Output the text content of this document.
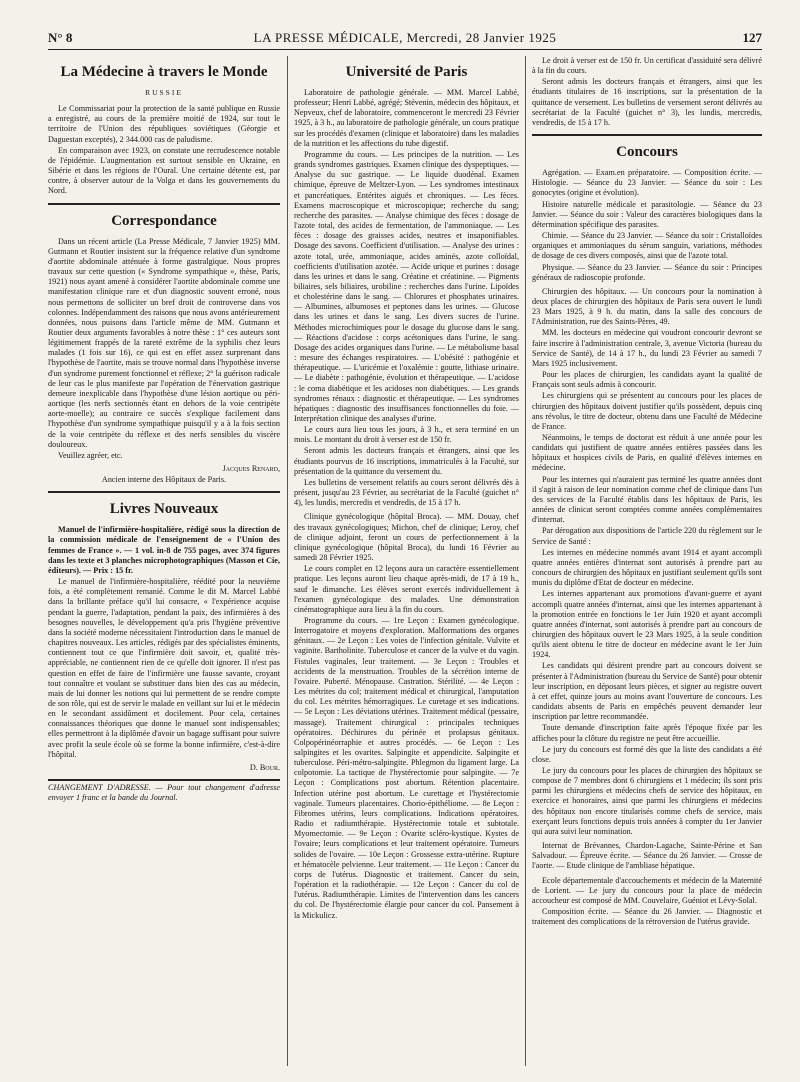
N° 8	LA PRESSE MÉDICALE, Mercredi, 28 Janvier 1925	127
La Médecine à travers le Monde
RUSSIE

Le Commissariat pour la protection de la santé publique en Russie a enregistré, au cours de la première moitié de 1924, sur tout le territoire de l'Union des républiques soviétiques (Géorgie et Daguestan exceptés), 2 344.000 cas de paludisme.

En comparaison avec 1923, on constate une recrudescence notable de l'épidémie. L'augmentation est surtout sensible en Ukraine, en Sibérie et dans les régions de l'Oural. Une certaine détente est, par contre, à observer autour de la Volga et dans les gouvernements du Nord.

Correspondance

Dans un récent article (La Presse Médicale, 7 Janvier 1925) MM. Gutmann et Routier insistent sur la fréquence relative d'un syndrome d'aortite abdominale atténuée à forme gastralgique. Nous propres travaux sur cette question (« Syndrome sympathique », thèse, Paris, 1921) nous ayant amené à considérer l'aortite abdominale comme une manifestation clinique rare et d'un diagnostic souvent erroné, nous nous permettons de solliciter un bref droit de controverse dans vos colonnes. Indépendamment des raisons que nous avons antérieurement données, nous puisons dans l'article même de MM. Gutmann et Routier deux arguments favorables à notre thèse : 1° ces auteurs sont légitimement frappés de la rareté extrême de la syphilis chez leurs malades (1 fois sur 16), ce qui est en effet assez surprenant dans l'hypothèse de l'aortite, mais se trouve normal dans l'hypothèse inverse d'un syndrome purement fonctionnel et réflexe; 2° la guérison radicale de leur cas le plus manifeste par l'opération de l'énervation gastrique demeure inexplicable dans l'hypothèse d'une lésion aortique ou péri-aortique (les nerfs sectionnés étant en dehors de la voie centripète aorte-moelle); au contraire ce succès s'explique facilement dans l'hypothèse d'un syndrome sympathique puisqu'il y a à la fois section de la voie centripète du réflexe et des nerfs sensibles du viscère douloureux.

Veuillez agréer, etc.

Jacques Renard,
Ancien interne des Hôpitaux de Paris.
Livres Nouveaux

Manuel de l'infirmière-hospitalière, rédigé sous la direction de la commission médicale de l'enseignement de « l'Union des femmes de France ». — 1 vol. in-8 de 755 pages, avec 374 figures dans les texte et 3 planches microphotographiques (Masson et Cie, éditeurs). — Prix : 15 fr.

Le manuel de l'infirmière-hospitalière, réédité pour la neuvième fois, a été complètement remanié. Comme le dit M. Marcel Labbé dans la brillante préface qu'il lui consacre, « l'expérience acquise pendant la guerre, l'adaptation, pendant la paix, des infirmières à des besognes nouvelles, le développement qu'a pris l'hygiène préventive dans la société moderne nécessitaient l'introduction dans le manuel de chapitres nouveaux. Les articles, rédigés par des spécialistes éminents, contiennent tout ce que l'infirmière doit savoir, et, qualité très-appréciable, ne contiennent rien de ce qu'elle doit ignorer. Il n'est pas question en effet de faire de l'infirmière une fausse savante, croyant tout connaître et voulant se substituer dans bien des cas au médecin, mais de lui donner les notions qui lui permettent de se rendre compte de son rôle, qui est de servir le malade en veillant sur lui et le médecin en le secondant assidûment et docilement. Pour cela, certaines connaissances théoriques que donne le manuel sont indispensables; elles permettront à la diplômée d'avoir un bagage suffisant pour suivre avec profit la seule école où se forme la bonne infirmière, c'est-à-dire l'hôpital.

D. Bour.

CHANGEMENT D'ADRESSE. — Pour tout changement d'adresse envoyer 1 franc et la bande du Journal.

Université de Paris

Laboratoire de pathologie générale. — MM. Marcel Labbé, professeur; Henri Labbé, agrégé; Stévenin, médecin des hôpitaux, et Nepveux, chef de laboratoire, commenceront le mercredi 23 Février 1925, à 3 h., au laboratoire de pathologie générale, un cours pratique sur les procédés d'examen (clinique et laboratoire) dans les maladies de la nutrition et les affections du tube digestif.

Programme du cours. — Les principes de la nutrition. — Les grands syndromes gastriques. Examen clinique des dyspeptiques. — Analyse du suc gastrique. — Le liquide duodénal. Examen chimique, épreuve de Meltzer-Lyon. — Les syndromes intestinaux et pancréatiques. Entérites aiguës et chroniques. — Les fèces. Examens macroscopique et microscopique; recherche du sang; recherche des parasites. — Analyse chimique des fèces : dosage de l'azote total, des acides de fermentation, de l'ammoniaque. — Les fèces : dosage des graisses acides, neutres et insaponifiables. Dosage des savons. Coefficient d'utilisation. — Analyse des urines : azote total, urée, ammoniaque, acides aminés, azote colloïdal, coefficients d'utilisation azotée. — Acide urique et purines : dosage dans les urines et dans le sang. Créatine et créatinine. — Pigments biliaires, sels biliaires, urobiline : recherches dans l'urine. Lipoïdes et cholestérine dans le sang. — Chlorures et phosphates urinaires. — Albumines, albumoses et peptones dans les urines. — Glucose dans les urines et dans le sang. Les divers sucres de l'urine. Méthodes microchimiques pour le dosage du glucose dans le sang. — Réactions d'acidose : corps acétoniques dans l'urine, le sang. Dosage des acides organiques dans l'urine. — Le métabolisme basal : mesure des échanges respiratoires. — L'obésité : pathogénie et thérapeutique. — L'uricémie et l'oxalémie : goutte, lithiase urinaire. — Le diabète : pathogénie, évolution et thérapeutique. — L'acidose : le coma diabétique et les acidoses non diabétiques. — Les grands syndromes rénaux : diagnostic et thérapeutique. — Les syndromes hépatiques : diagnostic des insuffisances fonctionnelles du foie. — Interprétation clinique des analyses d'urine.

Le cours aura lieu tous les jours, à 3 h., et sera terminé en un mois. Le montant du droit à verser est de 150 fr.

Seront admis les docteurs français et étrangers, ainsi que les étudiants pourvus de 16 inscriptions, immatriculés à la Faculté, sur présentation de la quittance du versement du.

Les bulletins de versement relatifs au cours seront délivrés dès à présent, jusqu'au 23 Février, au secrétariat de la Faculté (guichet n° 4), les lundis, mercredis et vendredis, de 15 à 17 h.

Clinique gynécologique (hôpital Broca). — MM. Douay, chef des travaux gynécologiques; Michon, chef de clinique; Leroy, chef de clinique adjoint, feront un cours de perfectionnement à la clinique gynécologique (hôpital Broca), du lundi 16 Février au samedi 28 Février 1925.

Le cours complet en 12 leçons aura un caractère essentiellement pratique. Les leçons auront lieu chaque après-midi, de 17 à 19 h., sauf le dimanche. Les élèves seront exercés individuellement à l'examen gynécologique des malades. Une démonstration cinématographique aura lieu à la fin du cours.

Programme du cours. — 1re Leçon : Examen gynécologique. Interrogatoire et moyens d'exploration. Malformations des organes génitaux. — 2e Leçon : Les voies de l'infection génitale. Vulvite et vaginite. Bartholinite. Tuberculose et cancer de la vulve et du vagin. Fistules vaginales, leur traitement. — 3e Leçon : Troubles et accidents de la menstruation. Troubles de la sécrétion interne de l'ovaire. Puberté. Ménopause. Castration. Stérilité. — 4e Leçon : Les métrites du col; traitement médical et chirurgical, l'amputation du col. Les métrites hémorragiques. Le curetage et ses indications. — 5e Leçon : Les déviations utérines. Traitement médical (pessaire, massage). Traitement chirurgical : principales techniques opératoires. Déchirures du périnée et prolapsus génitaux. Colpopérinéorraphie et autres procédés. — 6e Leçon : Les salpingites et les ovarites. Salpingite et appendicite. Salpingite et tuberculose. Péri-métro-salpingite. Phlegmon du ligament large. La colpotomie. La tactique de l'hystérectomie pour salpingite. — 7e Leçon : Complications post abortum. Rétention placentaire. Infection utérine post abortum. Le curettage et l'hystérectomie vaginale. Tumeurs placentaires. Chorio-épithéliome. — 8e Leçon : Fibromes utérins, leurs complications. Indications opératoires. Radio et radiumthérapie. Hystérectomie totale et subtotale. Myomectomie. — 9e Leçon : Ovarite scléro-kystique. Kystes de l'ovaire; leurs complications et leur traitement opératoire. Tumeurs solides de l'ovaire. — 10e Leçon : Grossesse extra-utérine. Rupture et hématocèle pelvienne. Leur traitement. — 11e Leçon : Cancer du corps de l'utérus. Diagnostic et traitement. Cancer du sein, l'opération et la radiothérapie. — 12e Leçon : Cancer du col de l'utérus. Radiumthérapie. Limites de l'intervention dans les cancers du col. De l'hystérectomie élargie pour cancer du col. Pansement à la Mickulicz.

Le droit à verser est de 150 fr. Un certificat d'assiduité sera délivré à la fin du cours.

Seront admis les docteurs français et étrangers, ainsi que les étudiants titulaires de 16 inscriptions, sur la présentation de la quittance de versement. Les bulletins de versement seront délivrés au secrétariat de la Faculté (guichet n° 3), les lundis, mercredis, vendredis, de 15 à 17 h.

Concours

Agrégation. — Exam.en préparatoire. — Composition écrite. — Histologie. — Séance du 23 Janvier. — Séance du soir : Les gonocytes (origine et évolution).

Histoire naturelle médicale et parasitologie. — Séance du 23 Janvier. — Séance du soir : Valeur des caractères biologiques dans la détermination spécifique des parasites.

Chimie. — Séance du 23 Janvier. — Séance du soir : Cristalloïdes organiques et ammoniaques du sérum sanguin, variations, méthodes de dosage de ces divers composés, ainsi que de l'azote total.

Physique. — Séance du 23 Janvier. — Séance du soir : Principes généraux de radioscopie profonde.

Chirurgien des hôpitaux. — Un concours pour la nomination à deux places de chirurgien des hôpitaux de Paris sera ouvert le lundi 23 Mars 1925, à 9 h. du matin, dans la salle des concours de l'Administration, rue des Saints-Pères, 49.

MM. les docteurs en médecine qui voudront concourir devront se faire inscrire à l'administration centrale, 3, avenue Victoria (bureau du Service de Santé), de 14 à 17 h., du lundi 23 Février au samedi 7 Mars 1925 inclusivement.

Pour les places de chirurgien, les candidats ayant la qualité de Français sont seuls admis à concourir.

Les chirurgiens qui se présentent au concours pour les places de chirurgien des hôpitaux doivent justifier qu'ils possèdent, depuis cinq ans révolus, le titre de docteur, obtenu dans une Faculté de Médecine de France.

Néanmoins, le temps de doctorat est réduit à une année pour les candidats qui justifient de quatre années entières passées dans les hôpitaux et hospices civils de Paris, en qualité d'élèves internes en médecine.

Pour les internes qui n'auraient pas terminé les quatre années dont il s'agit à raison de leur nomination comme chef de clinique dans l'un des services de la Faculté établis dans les hôpitaux de Paris, les années de clinicat seront comptées comme années complémentaires d'internat.

Par dérogation aux dispositions de l'article 220 du règlement sur le Service de Santé :

Les internes en médecine nommés avant 1914 et ayant accompli quatre années entières d'internat sont autorisés à prendre part au concours de chirurgien des hôpitaux en justifiant seulement qu'ils sont munis du diplôme d'Etat de docteur en médecine.

Les internes appartenant aux promotions d'avant-guerre et ayant accompli quatre années d'internat, ainsi que les internes appartenant à la promotion entrée en fonctions le 1er Juin 1920 et ayant accompli quatre années d'internat, sont autorisés à prendre part au concours de chirurgien des hôpitaux ouvert le 23 Mars 1925, à la seule condition qu'ils aient obtenu le titre de docteur en médecine avant le 1er Juin 1924.

Les candidats qui désirent prendre part au concours doivent se présenter à l'Administration (bureau du Service de Santé) pour obtenir leur inscription, en déposant leurs pièces, et signer au registre ouvert à cet effet, quinze jours au moins avant l'ouverture de concours. Les candidats absents de Paris en empêchés peuvent demander leur inscription par lettre recommandée.

Toute demande d'inscription faite après l'époque fixée par les affiches pour la clôture du registre ne peut être accueillie.

Le jury du concours est formé dès que la liste des candidats a été close.

Le jury du concours pour les places de chirurgien des hôpitaux se compose de 7 membres dont 6 chirurgiens et 1 médecin; ils sont pris parmi les chirurgiens et médecins chefs de service des hôpitaux, en exercice et honoraires, ainsi que parmi les chirurgiens et médecins des hôpitaux non encore titularisés comme chefs de service, mais exerçant leurs fonctions depuis trois années à compter du 1er Janvier qui aura suivi leur nomination.

Internat de Brévannes, Chardon-Lagache, Sainte-Périne et San Salvadour. — Épreuve écrite. — Séance du 26 Janvier. — Crosse de l'aorte. — Etude clinique de l'ambliase hépatique.

Ecole départementale d'accouchements et médecin de la Maternité de Lorient. — Le jury du concours pour la place de médecin accoucheur est composé de MM. Couvelaire, Guéniot et Lévy-Solal.

Composition écrite. — Séance du 26 Janvier. — Diagnostic et traitement des complications de la rétroversion de l'utérus gravide.
